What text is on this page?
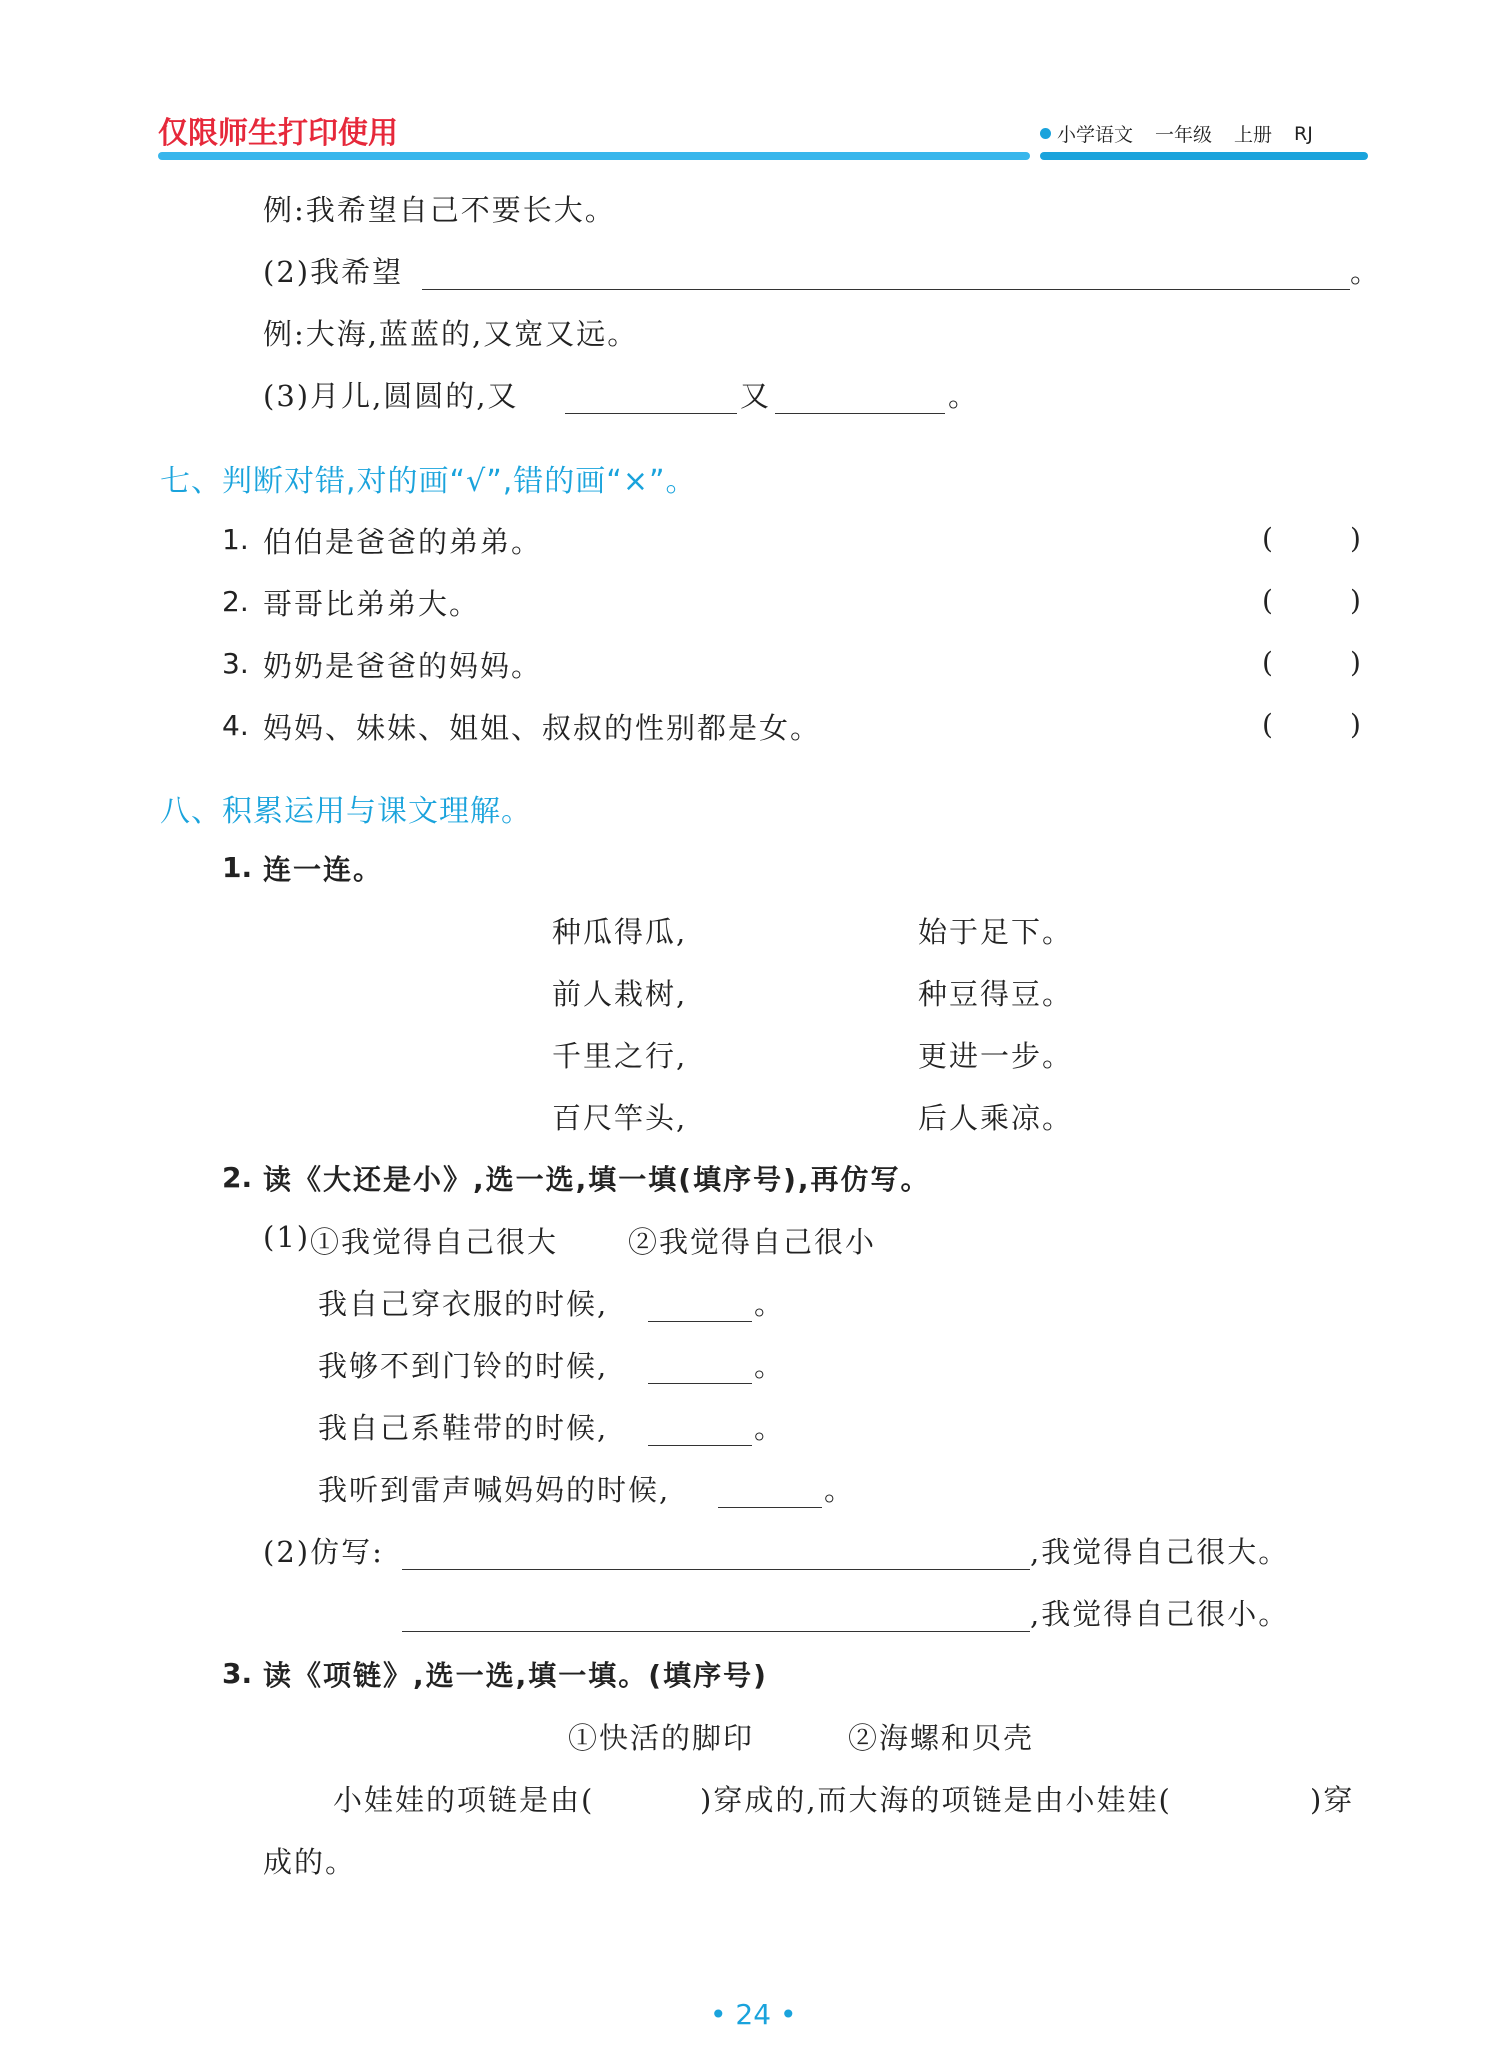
仅限师生打印使用	小学语文 一年级 上册 RJ
例:我希望自己不要长大。
(2)我希望	。
例:大海,蓝蓝的,又宽又远。
(3)月儿,圆圆的,又	又	。
七、判断对错,对的画“√”,错的画“×”。
1. 伯伯是爸爸的弟弟。	(	)
2. 哥哥比弟弟大。	(	)
3. 奶奶是爸爸的妈妈。	(	)
4. 妈妈、妹妹、姐姐、叔叔的性别都是女。	(	)
八、积累运用与课文理解。
1. 连一连。
种瓜得瓜,	始于足下。
前人栽树,	种豆得豆。
千里之行,	更进一步。
百尺竿头,	后人乘凉。
2. 读《大还是小》,选一选,填一填(填序号),再仿写。
(1) ①我觉得自己很大 ②我觉得自己很小
我自己穿衣服的时候,	。
我够不到门铃的时候,	。
我自己系鞋带的时候,	。
我听到雷声喊妈妈的时候,	。
(2)仿写:	,我觉得自己很大。
,我觉得自己很小。
3. 读《项链》,选一选,填一填。(填序号)
①快活的脚印	②海螺和贝壳
小娃娃的项链是由(	)穿成的,而大海的项链是由小娃娃(	)穿
成的。
• 24 •
